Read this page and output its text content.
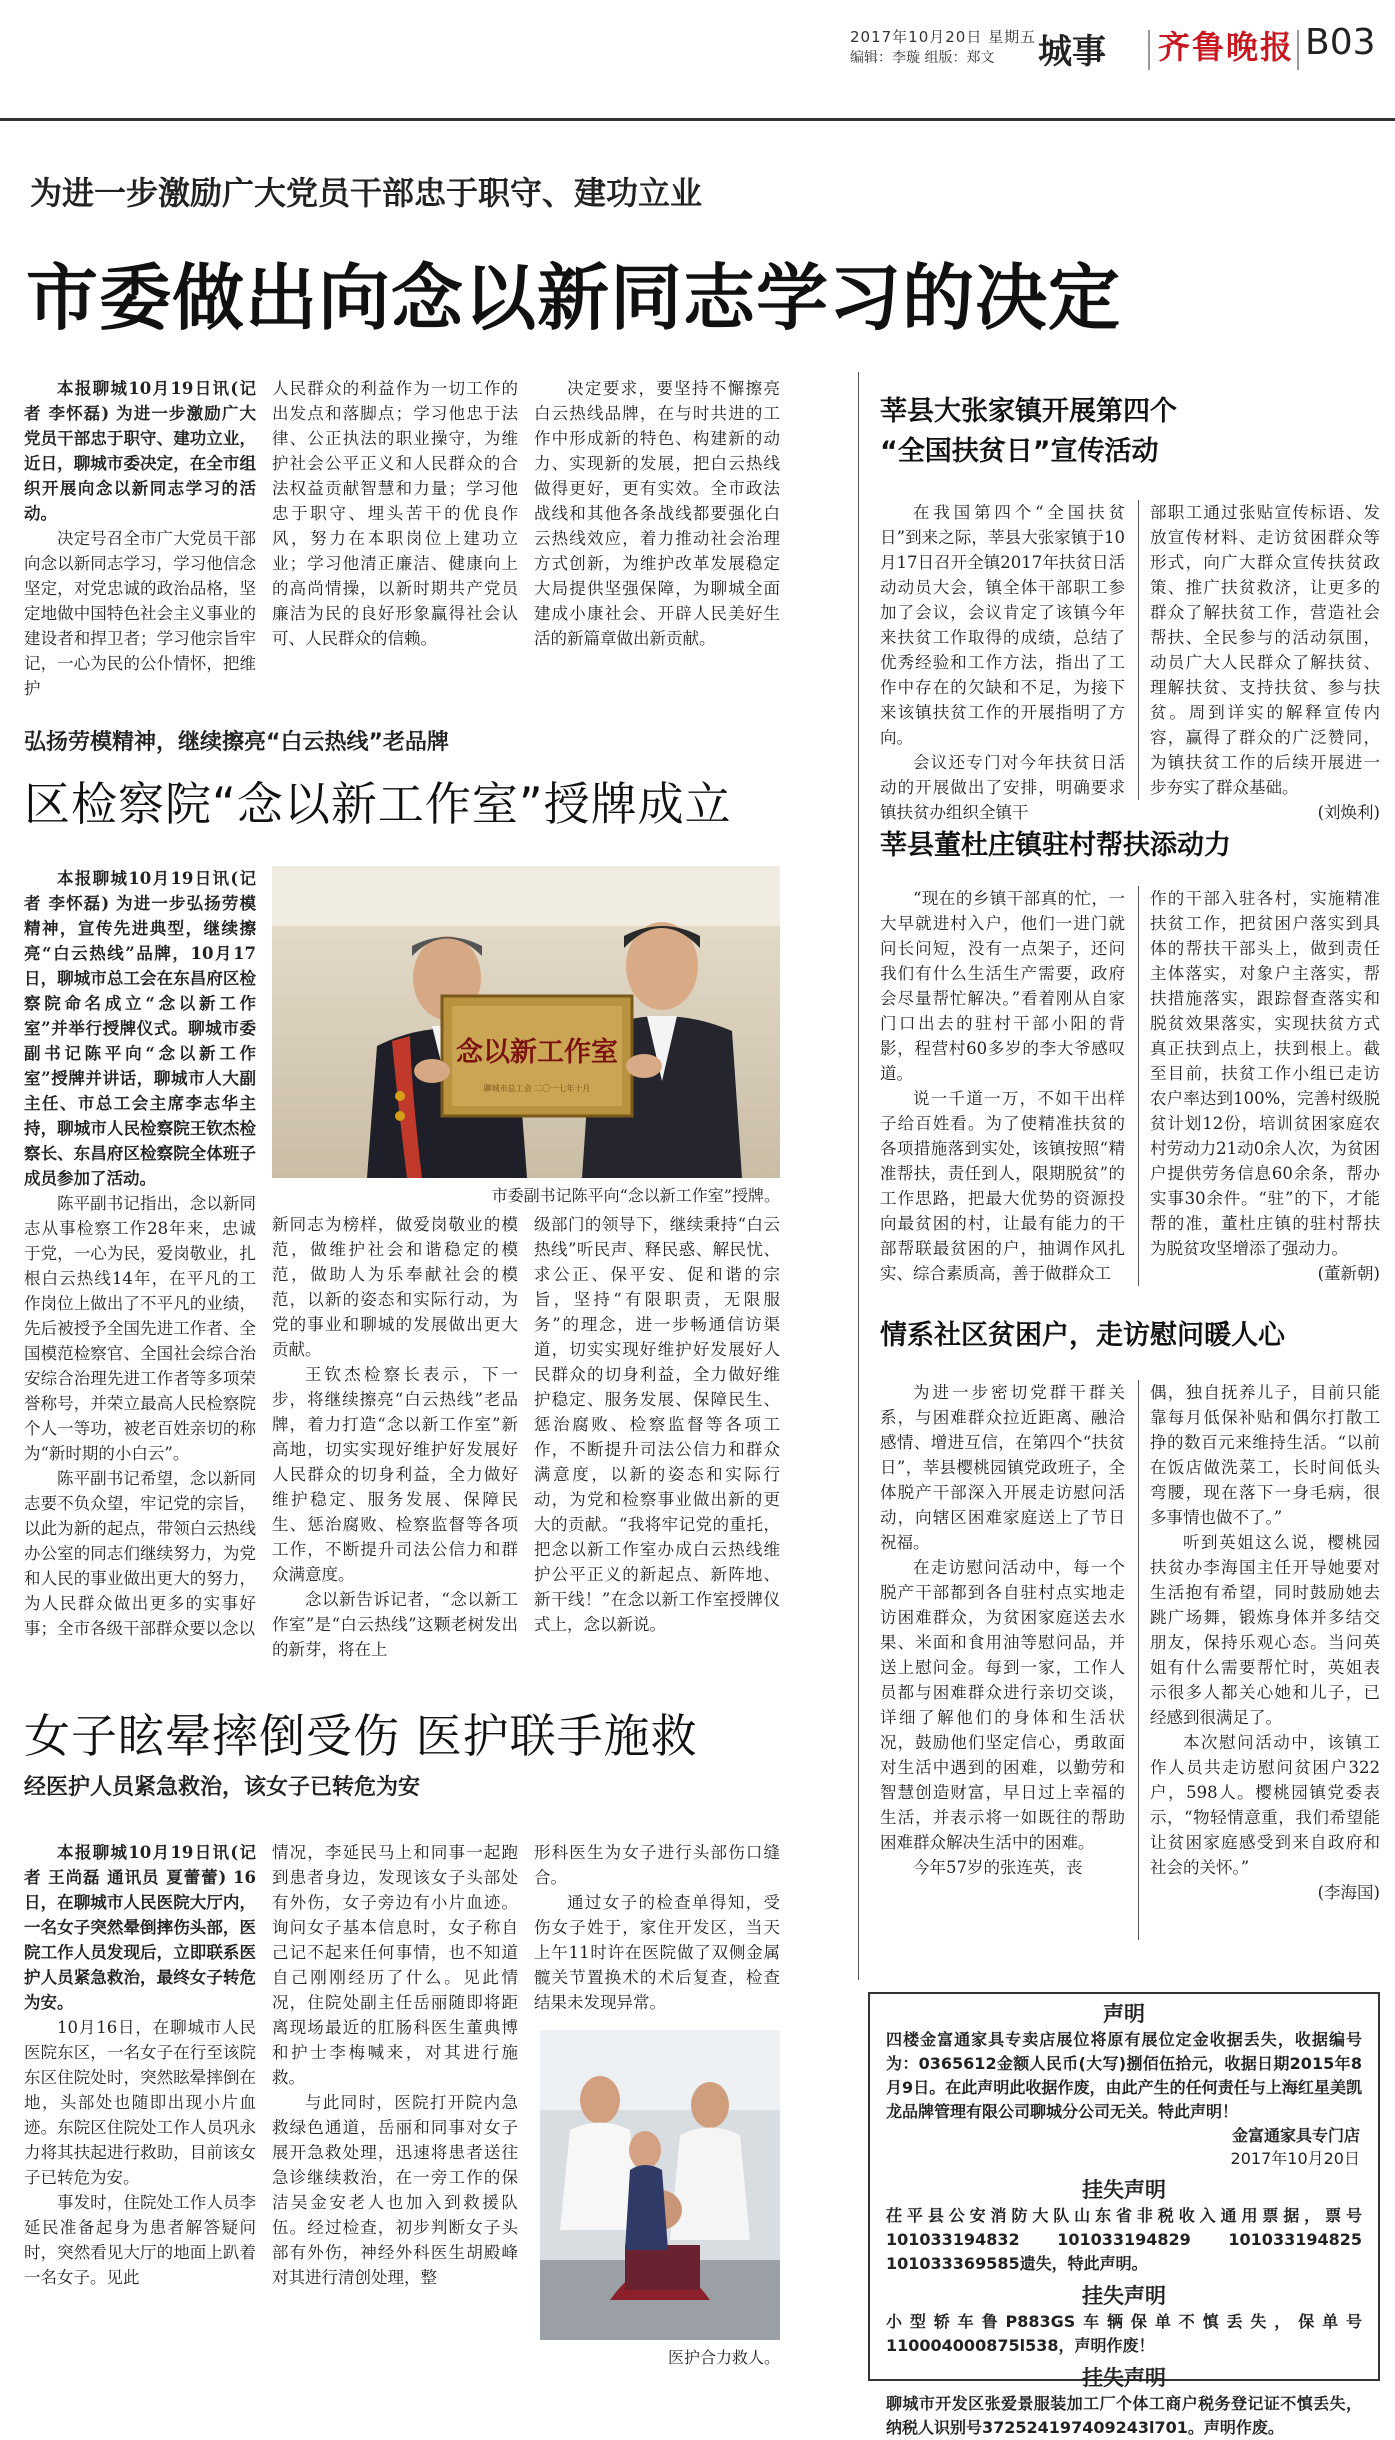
2017年10月20日 星期五
编辑：李璇 组版：郑文 城事 齐鲁晚报 B03
为进一步激励广大党员干部忠于职守、建功立业
市委做出向念以新同志学习的决定

本报聊城10月19日讯(记者 李怀磊) 为进一步激励广大党员干部忠于职守、建功立业，近日，聊城市委决定，在全市组织开展向念以新同志学习的活动。

决定号召全市广大党员干部向念以新同志学习，学习他信念坚定，对党忠诚的政治品格，坚定地做中国特色社会主义事业的建设者和捍卫者；学习他宗旨牢记，一心为民的公仆情怀，把维护

人民群众的利益作为一切工作的出发点和落脚点；学习他忠于法律、公正执法的职业操守，为维护社会公平正义和人民群众的合法权益贡献智慧和力量；学习他忠于职守、埋头苦干的优良作风，努力在本职岗位上建功立业；学习他清正廉洁、健康向上的高尚情操，以新时期共产党员廉洁为民的良好形象赢得社会认可、人民群众的信赖。

决定要求，要坚持不懈擦亮白云热线品牌，在与时共进的工作中形成新的特色、构建新的动力、实现新的发展，把白云热线做得更好，更有实效。全市政法战线和其他各条战线都要强化白云热线效应，着力推动社会治理方式创新，为维护改革发展稳定大局提供坚强保障，为聊城全面建成小康社会、开辟人民美好生活的新篇章做出新贡献。

弘扬劳模精神，继续擦亮“白云热线”老品牌
区检察院“念以新工作室”授牌成立

本报聊城10月19日讯(记者 李怀磊) 为进一步弘扬劳模精神，宣传先进典型，继续擦亮“白云热线”品牌，10月17日，聊城市总工会在东昌府区检察院命名成立“念以新工作室”并举行授牌仪式。聊城市委副书记陈平向“念以新工作室”授牌并讲话，聊城市人大副主任、市总工会主席李志华主持，聊城市人民检察院王钦杰检察长、东昌府区检察院全体班子成员参加了活动。

陈平副书记指出，念以新同志从事检察工作28年来，忠诚于党，一心为民，爱岗敬业，扎根白云热线14年，在平凡的工作岗位上做出了不平凡的业绩，先后被授予全国先进工作者、全国模范检察官、全国社会综合治安综合治理先进工作者等多项荣誉称号，并荣立最高人民检察院个人一等功，被老百姓亲切的称为“新时期的小白云”。

陈平副书记希望，念以新同志要不负众望，牢记党的宗旨，以此为新的起点，带领白云热线办公室的同志们继续努力，为党和人民的事业做出更大的努力，为人民群众做出更多的实事好事；全市各级干部群众要以念以

念以新工作室
聊城市总工会 二〇一七年十月
市委副书记陈平向“念以新工作室”授牌。

新同志为榜样，做爱岗敬业的模范，做维护社会和谐稳定的模范，做助人为乐奉献社会的模范，以新的姿态和实际行动，为党的事业和聊城的发展做出更大贡献。

王钦杰检察长表示，下一步，将继续擦亮“白云热线”老品牌，着力打造“念以新工作室”新高地，切实实现好维护好发展好人民群众的切身利益，全力做好维护稳定、服务发展、保障民生、惩治腐败、检察监督等各项工作，不断提升司法公信力和群众满意度。

念以新告诉记者，“念以新工作室”是“白云热线”这颗老树发出的新芽，将在上

级部门的领导下，继续秉持“白云热线”听民声、释民惑、解民忧、求公正、保平安、促和谐的宗旨，坚持“有限职责，无限服务”的理念，进一步畅通信访渠道，切实实现好维护好发展好人民群众的切身利益，全力做好维护稳定、服务发展、保障民生、惩治腐败、检察监督等各项工作，不断提升司法公信力和群众满意度，以新的姿态和实际行动，为党和检察事业做出新的更大的贡献。“我将牢记党的重托，把念以新工作室办成白云热线维护公平正义的新起点、新阵地、新干线！”在念以新工作室授牌仪式上，念以新说。

女子眩晕摔倒受伤 医护联手施救
经医护人员紧急救治，该女子已转危为安

本报聊城10月19日讯(记者 王尚磊 通讯员 夏蕾蕾) 16日，在聊城市人民医院大厅内，一名女子突然晕倒摔伤头部，医院工作人员发现后，立即联系医护人员紧急救治，最终女子转危为安。

10月16日，在聊城市人民医院东区，一名女子在行至该院东区住院处时，突然眩晕摔倒在地，头部处也随即出现小片血迹。东院区住院处工作人员巩永力将其扶起进行救助，目前该女子已转危为安。

事发时，住院处工作人员李延民准备起身为患者解答疑问时，突然看见大厅的地面上趴着一名女子。见此

情况，李延民马上和同事一起跑到患者身边，发现该女子头部处有外伤，女子旁边有小片血迹。询问女子基本信息时，女子称自己记不起来任何事情，也不知道自己刚刚经历了什么。见此情况，住院处副主任岳丽随即将距离现场最近的肛肠科医生董典博和护士李梅喊来，对其进行施救。

与此同时，医院打开院内急救绿色通道，岳丽和同事对女子展开急救处理，迅速将患者送往急诊继续救治，在一旁工作的保洁吴金安老人也加入到救援队伍。经过检查，初步判断女子头部有外伤，神经外科医生胡殿峰对其进行清创处理，整

形科医生为女子进行头部伤口缝合。

通过女子的检查单得知，受伤女子姓于，家住开发区，当天上午11时许在医院做了双侧金属髋关节置换术的术后复查，检查结果未发现异常。

医护合力救人。
莘县大张家镇开展第四个
“全国扶贫日”宣传活动

在我国第四个“全国扶贫日”到来之际，莘县大张家镇于10月17日召开全镇2017年扶贫日活动动员大会，镇全体干部职工参加了会议，会议肯定了该镇今年来扶贫工作取得的成绩，总结了优秀经验和工作方法，指出了工作中存在的欠缺和不足，为接下来该镇扶贫工作的开展指明了方向。

会议还专门对今年扶贫日活动的开展做出了安排，明确要求镇扶贫办组织全镇干

部职工通过张贴宣传标语、发放宣传材料、走访贫困群众等形式，向广大群众宣传扶贫政策、推广扶贫救济，让更多的群众了解扶贫工作，营造社会帮扶、全民参与的活动氛围，动员广大人民群众了解扶贫、理解扶贫、支持扶贫、参与扶贫。周到详实的解释宣传内容，赢得了群众的广泛赞同，为镇扶贫工作的后续开展进一步夯实了群众基础。

(刘焕利)
莘县董杜庄镇驻村帮扶添动力

“现在的乡镇干部真的忙，一大早就进村入户，他们一进门就问长问短，没有一点架子，还问我们有什么生活生产需要，政府会尽量帮忙解决。”看着刚从自家门口出去的驻村干部小阳的背影，程营村60多岁的李大爷感叹道。

说一千道一万，不如干出样子给百姓看。为了使精准扶贫的各项措施落到实处，该镇按照“精准帮扶，责任到人，限期脱贫”的工作思路，把最大优势的资源投向最贫困的村，让最有能力的干部帮联最贫困的户，抽调作风扎实、综合素质高，善于做群众工

作的干部入驻各村，实施精准扶贫工作，把贫困户落实到具体的帮扶干部头上，做到责任主体落实，对象户主落实，帮扶措施落实，跟踪督查落实和脱贫效果落实，实现扶贫方式真正扶到点上，扶到根上。截至目前，扶贫工作小组已走访农户率达到100%，完善村级脱贫计划12份，培训贫困家庭农村劳动力21动0余人次，为贫困户提供劳务信息60余条，帮办实事30余件。“驻”的下，才能帮的准，董杜庄镇的驻村帮扶为脱贫攻坚增添了强动力。

(董新朝)
情系社区贫困户，走访慰问暖人心

为进一步密切党群干群关系，与困难群众拉近距离、融洽感情、增进互信，在第四个“扶贫日”，莘县樱桃园镇党政班子，全体脱产干部深入开展走访慰问活动，向辖区困难家庭送上了节日祝福。

在走访慰问活动中，每一个脱产干部都到各自驻村点实地走访困难群众，为贫困家庭送去水果、米面和食用油等慰问品，并送上慰问金。每到一家，工作人员都与困难群众进行亲切交谈，详细了解他们的身体和生活状况，鼓励他们坚定信心，勇敢面对生活中遇到的困难，以勤劳和智慧创造财富，早日过上幸福的生活，并表示将一如既往的帮助困难群众解决生活中的困难。

今年57岁的张连英，丧

偶，独自抚养儿子，目前只能靠每月低保补贴和偶尔打散工挣的数百元来维持生活。“以前在饭店做洗菜工，长时间低头弯腰，现在落下一身毛病，很多事情也做不了。”

听到英姐这么说，樱桃园扶贫办李海国主任开导她要对生活抱有希望，同时鼓励她去跳广场舞，锻炼身体并多结交朋友，保持乐观心态。当问英姐有什么需要帮忙时，英姐表示很多人都关心她和儿子，已经感到很满足了。

本次慰问活动中，该镇工作人员共走访慰问贫困户322户，598人。樱桃园镇党委表示，“物轻情意重，我们希望能让贫困家庭感受到来自政府和社会的关怀。”

(李海国)
声明
四楼金富通家具专卖店展位将原有展位定金收据丢失，收据编号为：0365612金额人民币(大写)捌佰伍拾元，收据日期2015年8月9日。在此声明此收据作废，由此产生的任何责任与上海红星美凯龙品牌管理有限公司聊城分公司无关。特此声明！
金富通家具专门店
2017年10月20日
挂失声明
茌平县公安消防大队山东省非税收入通用票据，票号101033194832 101033194829 101033194825 101033369585遗失，特此声明。
挂失声明
小型轿车鲁P883GS车辆保单不慎丢失，保单号110004000875l538，声明作废！
挂失声明
聊城市开发区张爱景服装加工厂个体工商户税务登记证不慎丢失，纳税人识别号372524197409243l701。声明作废。
